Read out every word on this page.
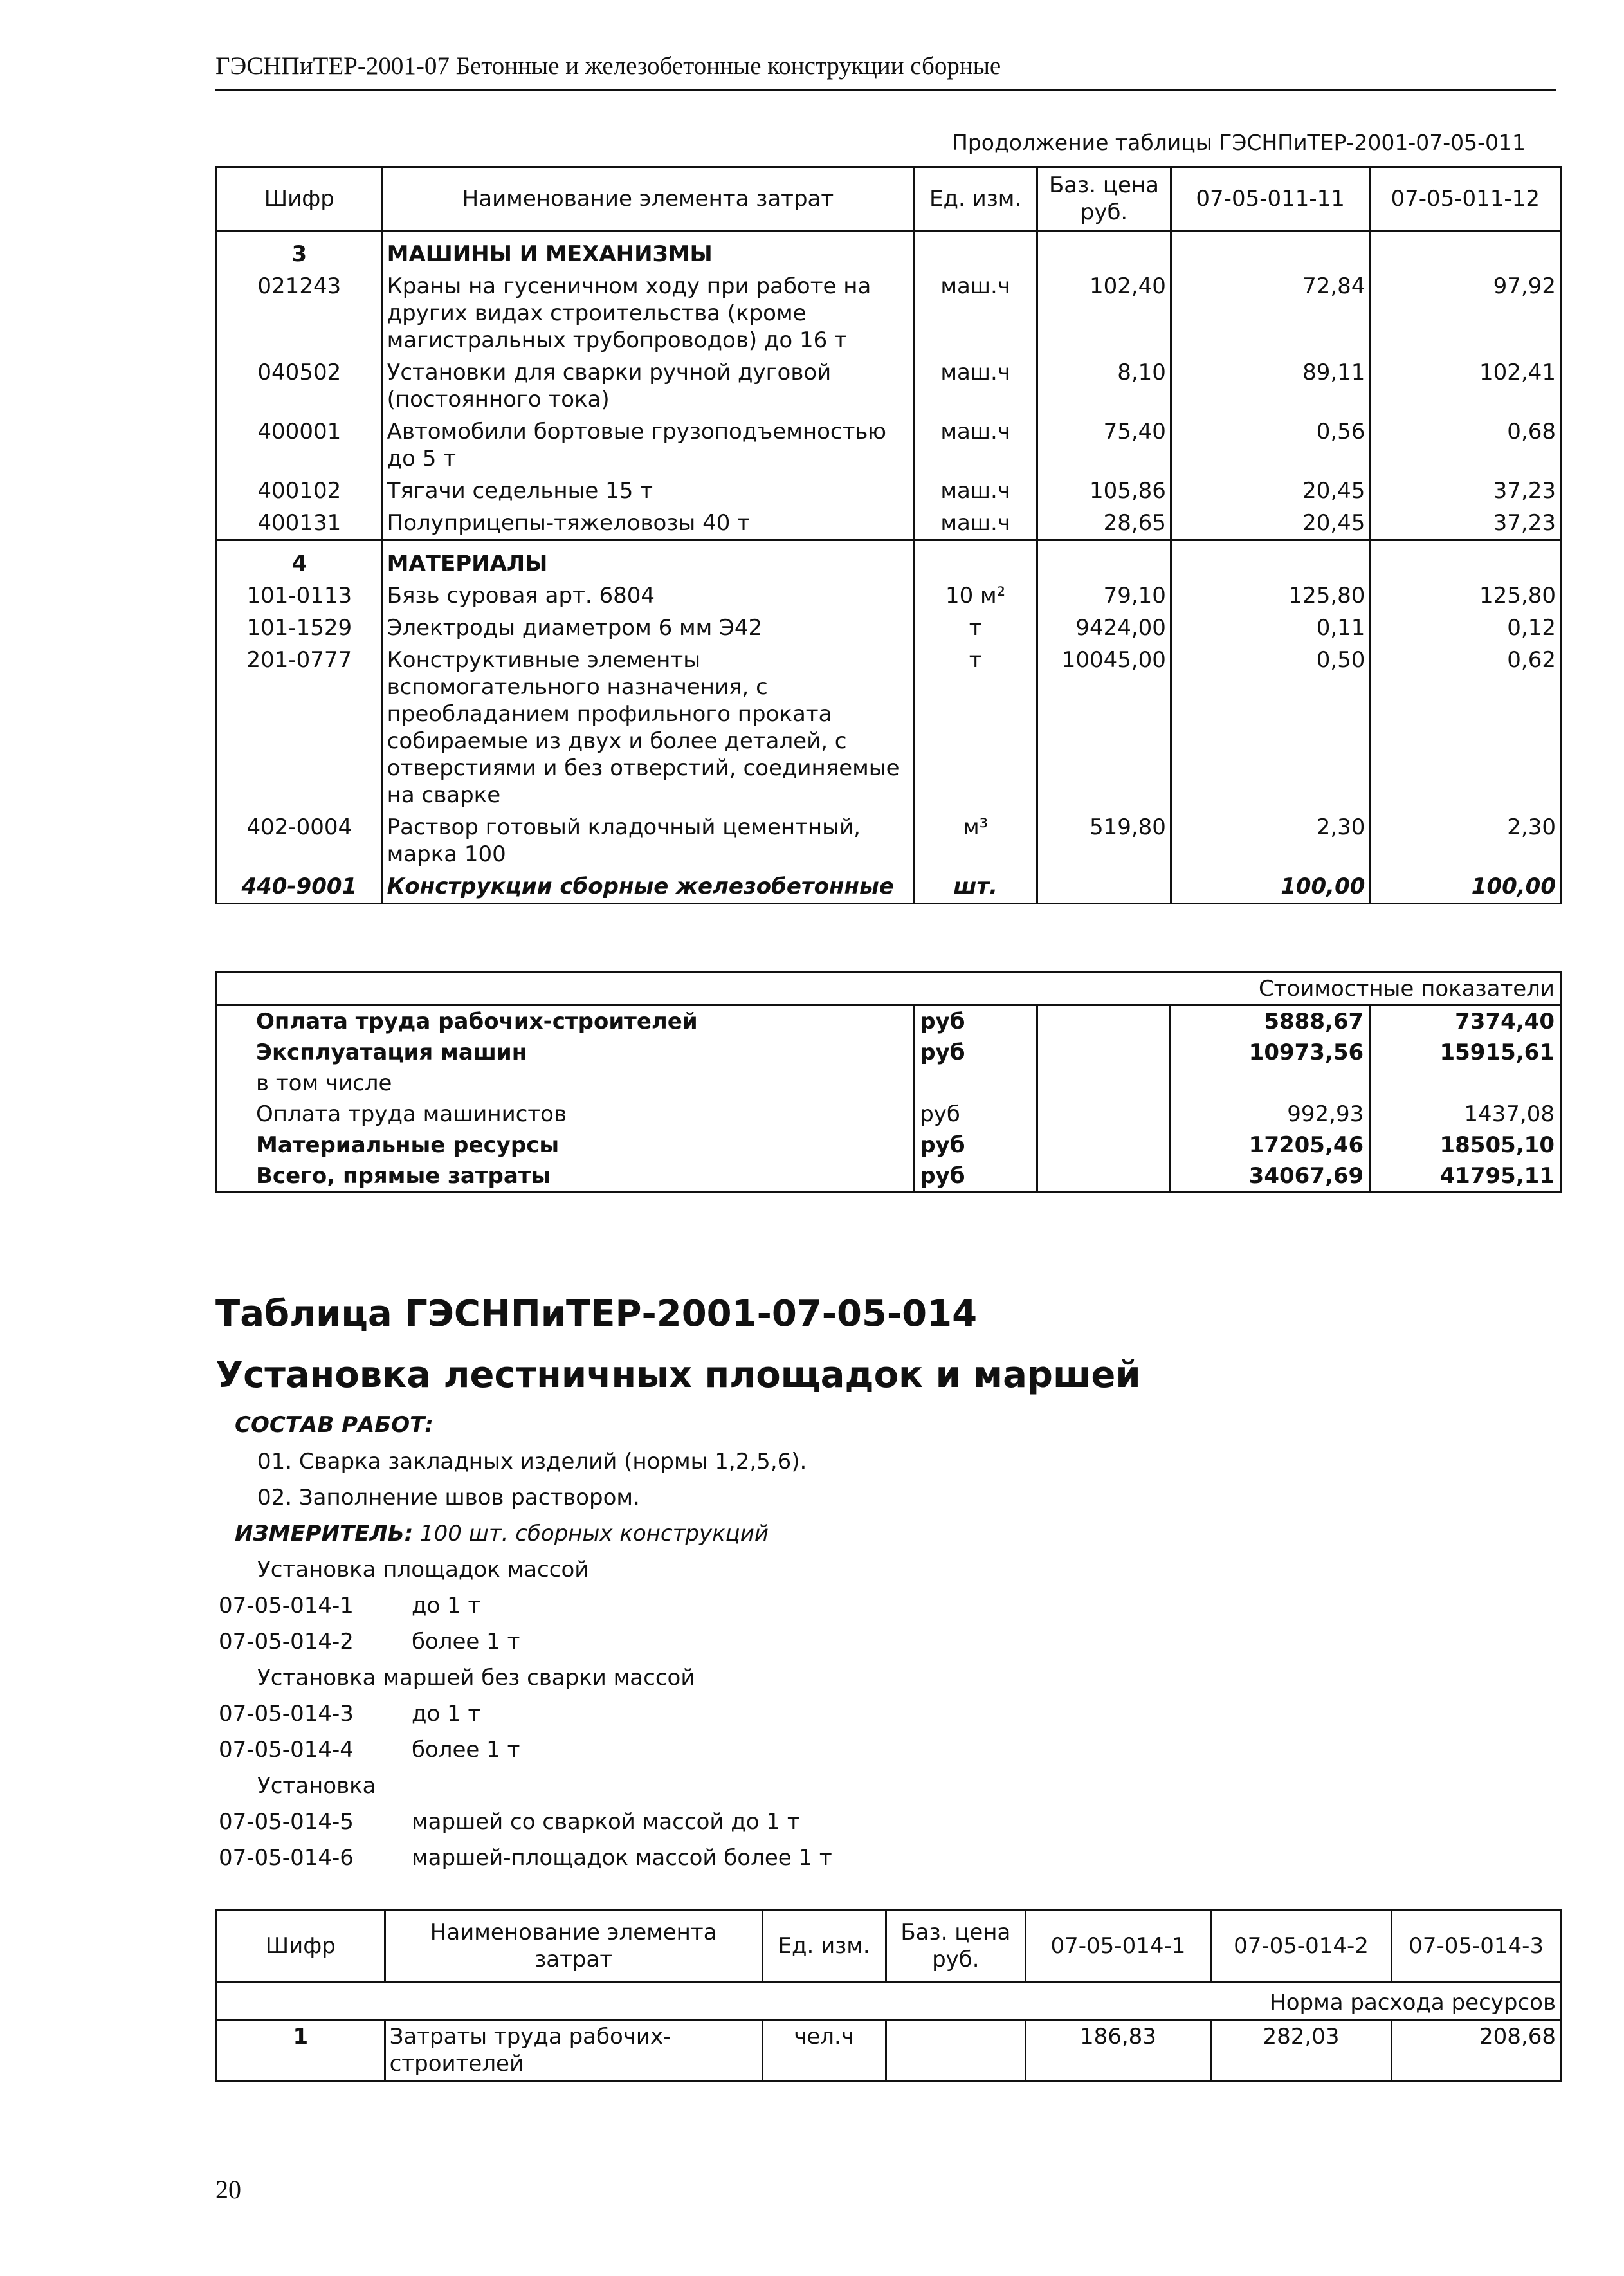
ГЭСНПиТЕР-2001-07 Бетонные и железобетонные конструкции сборные
Продолжение таблицы ГЭСНПиТЕР-2001-07-05-011
Шифр	Наименование элемента затрат	Ед. изм.	Баз. цена руб.	07-05-011-11	07-05-011-12
3	МАШИНЫ И МЕХАНИЗМЫ				
021243	Краны на гусеничном ходу при работе на других видах строительства (кроме магистральных трубопроводов) до 16 т	маш.ч	102,40	72,84	97,92
040502	Установки для сварки ручной дуговой (постоянного тока)	маш.ч	8,10	89,11	102,41
400001	Автомобили бортовые грузоподъемностью до 5 т	маш.ч	75,40	0,56	0,68
400102	Тягачи седельные 15 т	маш.ч	105,86	20,45	37,23
400131	Полуприцепы-тяжеловозы 40 т	маш.ч	28,65	20,45	37,23
4	МАТЕРИАЛЫ				
101-0113	Бязь суровая арт. 6804	10 м²	79,10	125,80	125,80
101-1529	Электроды диаметром 6 мм Э42	т	9424,00	0,11	0,12
201-0777	Конструктивные элементы вспомогательного назначения, с преобладанием профильного проката собираемые из двух и более деталей, с отверстиями и без отверстий, соединяемые на сварке	т	10045,00	0,50	0,62
402-0004	Раствор готовый кладочный цементный, марка 100	м³	519,80	2,30	2,30
440-9001	Конструкции сборные железобетонные	шт.		100,00	100,00
			Стоимостные показатели	
Оплата труда рабочих-строителей	руб		5888,67	7374,40
Эксплуатация машин	руб		10973,56	15915,61
в том числе				
Оплата труда машинистов	руб		992,93	1437,08
Материальные ресурсы	руб		17205,46	18505,10
Всего, прямые затраты	руб		34067,69	41795,11
Таблица ГЭСНПиТЕР-2001-07-05-014
Установка лестничных площадок и маршей
СОСТАВ РАБОТ:
01. Сварка закладных изделий (нормы 1,2,5,6).
02. Заполнение швов раствором.
ИЗМЕРИТЕЛЬ: 100 шт. сборных конструкций
Установка площадок массой
07-05-014-1	до 1 т
07-05-014-2	более 1 т
Установка маршей без сварки массой
07-05-014-3	до 1 т
07-05-014-4	более 1 т
Установка
07-05-014-5	маршей со сваркой массой до 1 т
07-05-014-6	маршей-площадок массой более 1 т
Шифр	Наименование элемента затрат	Ед. изм.	Баз. цена руб.	07-05-014-1	07-05-014-2	07-05-014-3
Норма расхода ресурсов						
1	Затраты труда рабочих-строителей	чел.ч		186,83	282,03	208,68
20
